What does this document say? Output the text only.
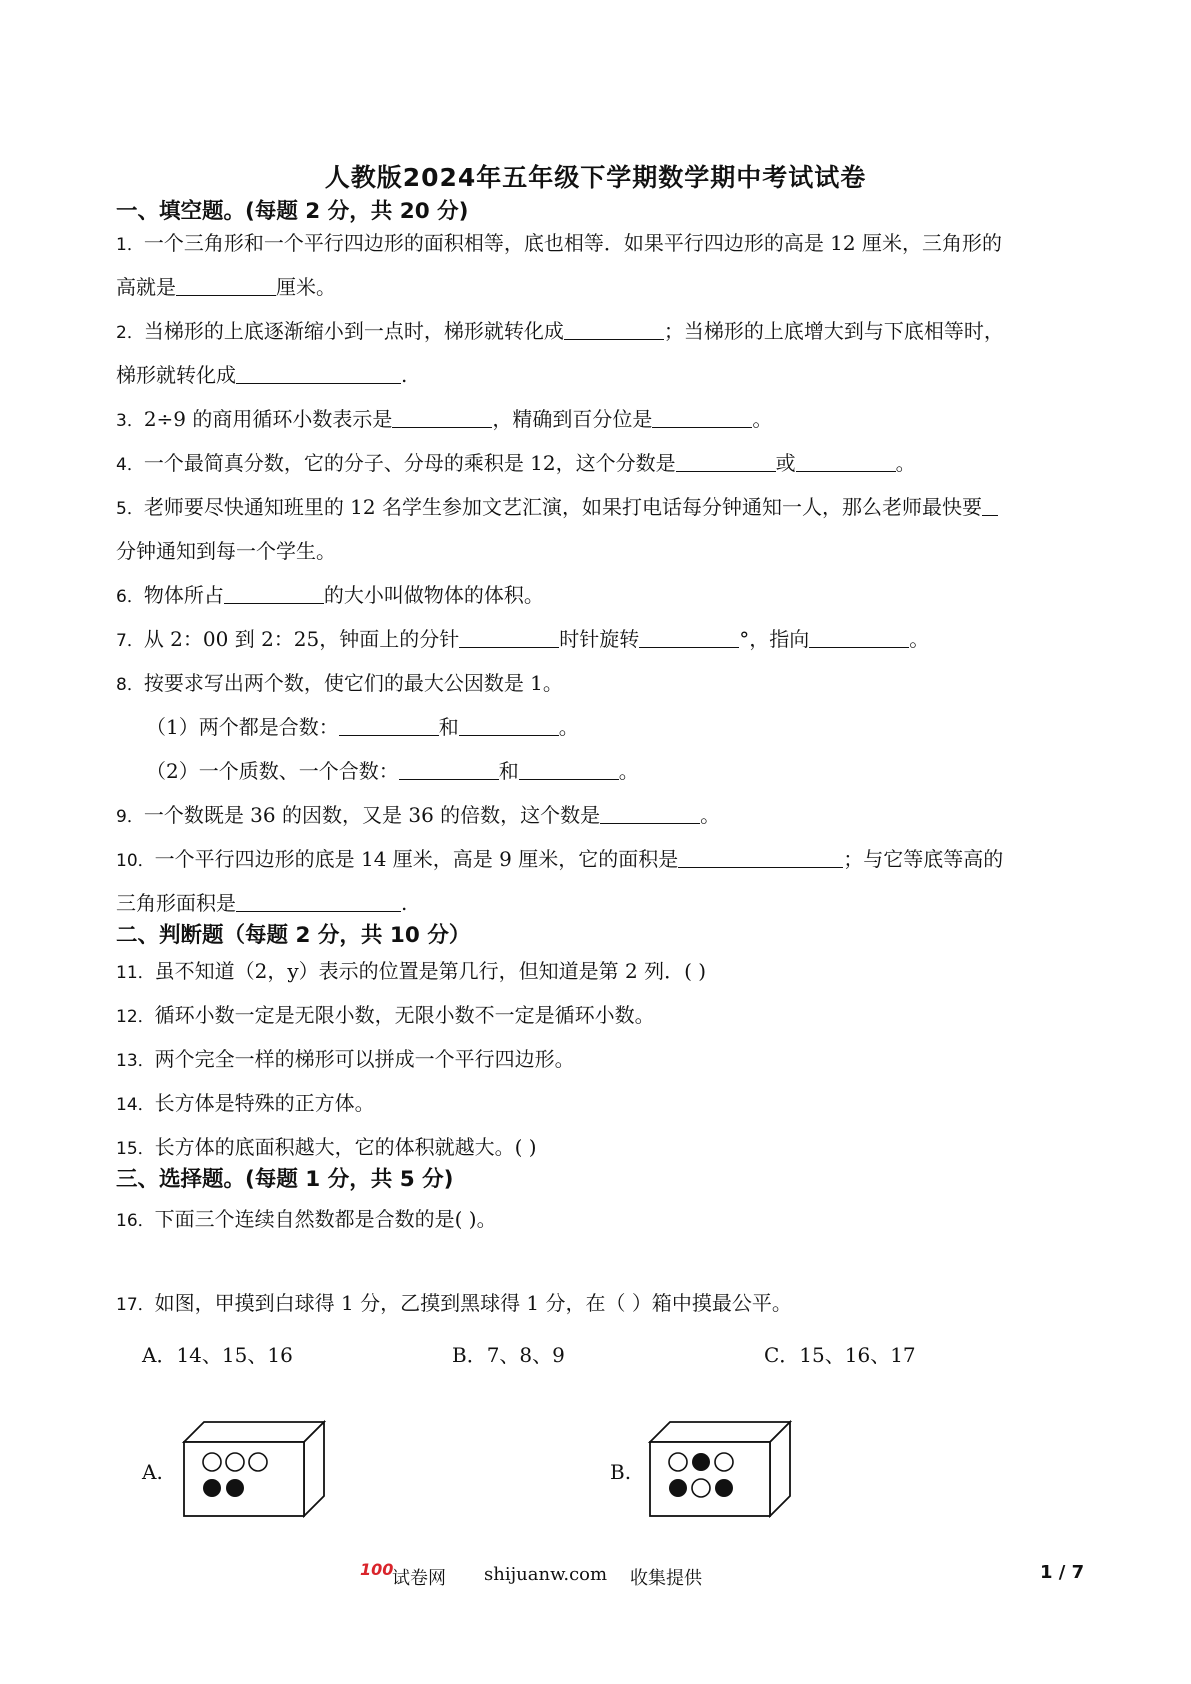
人教版2024年五年级下学期数学期中考试试卷
一、填空题。(每题 2 分，共 20 分)
1．一个三角形和一个平行四边形的面积相等，底也相等．如果平行四边形的高是 12 厘米，三角形的
高就是	厘米。
2．当梯形的上底逐渐缩小到一点时，梯形就转化成	；当梯形的上底增大到与下底相等时，
梯形就转化成	.
3．2÷9 的商用循环小数表示是	，精确到百分位是	。
4．一个最简真分数，它的分子、分母的乘积是 12，这个分数是	或	。
5．老师要尽快通知班里的 12 名学生参加文艺汇演，如果打电话每分钟通知一人，那么老师最快要
分钟通知到每一个学生。
6．物体所占	的大小叫做物体的体积。
7．从 2：00 到 2：25，钟面上的分针	时针旋转	°，指向	。
8．按要求写出两个数，使它们的最大公因数是 1。
（1）两个都是合数：	和	。
（2）一个质数、一个合数：	和	。
9．一个数既是 36 的因数，又是 36 的倍数，这个数是	。
10．一个平行四边形的底是 14 厘米，高是 9 厘米，它的面积是	；与它等底等高的
三角形面积是	.
二、判断题（每题 2 分，共 10 分）
11．虽不知道（2，y）表示的位置是第几行，但知道是第 2 列．( )
12．循环小数一定是无限小数，无限小数不一定是循环小数。
13．两个完全一样的梯形可以拼成一个平行四边形。
14．长方体是特殊的正方体。
15．长方体的底面积越大，它的体积就越大。( )
三、选择题。(每题 1 分，共 5 分)
16．下面三个连续自然数都是合数的是( )。
A．14、15、16	B．7、8、9	C．15、16、17
17．如图，甲摸到白球得 1 分，乙摸到黑球得 1 分，在（ ）箱中摸最公平。
A.	B.
100
试卷网 shijuanw.com 收集提供	1 / 7
